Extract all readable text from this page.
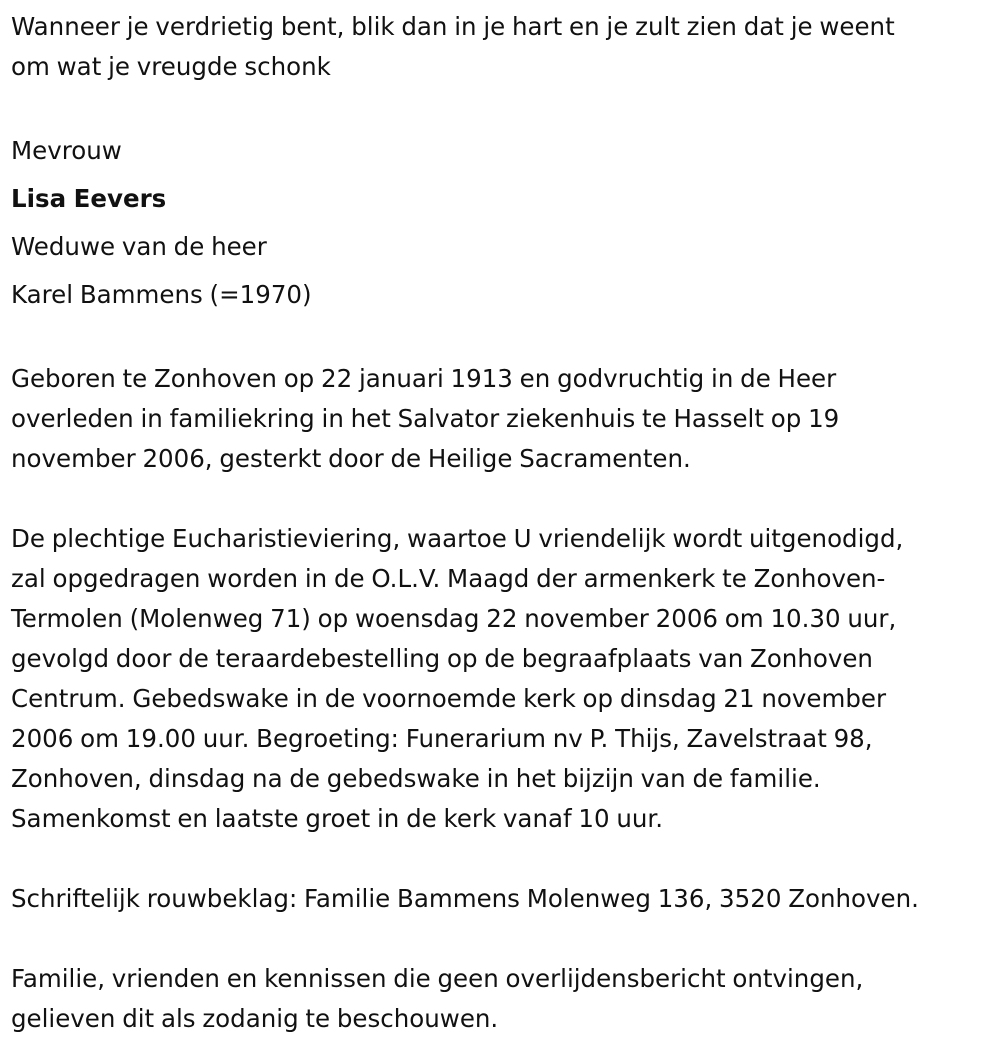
Wanneer je verdrietig bent, blik dan in je hart en je zult zien dat je weent
om wat je vreugde schonk
Mevrouw
Lisa Eevers
Weduwe van de heer
Karel Bammens (=1970)
Geboren te Zonhoven op 22 januari 1913 en godvruchtig in de Heer
overleden in familiekring in het Salvator ziekenhuis te Hasselt op 19
november 2006, gesterkt door de Heilige Sacramenten.
De plechtige Eucharistieviering, waartoe U vriendelijk wordt uitgenodigd,
zal opgedragen worden in de O.L.V. Maagd der armenkerk te Zonhoven-
Termolen (Molenweg 71) op woensdag 22 november 2006 om 10.30 uur,
gevolgd door de teraardebestelling op de begraafplaats van Zonhoven
Centrum. Gebedswake in de voornoemde kerk op dinsdag 21 november
2006 om 19.00 uur. Begroeting: Funerarium nv P. Thijs, Zavelstraat 98,
Zonhoven, dinsdag na de gebedswake in het bijzijn van de familie.
Samenkomst en laatste groet in de kerk vanaf 10 uur.
Schriftelijk rouwbeklag: Familie Bammens Molenweg 136, 3520 Zonhoven.
Familie, vrienden en kennissen die geen overlijdensbericht ontvingen,
gelieven dit als zodanig te beschouwen.
